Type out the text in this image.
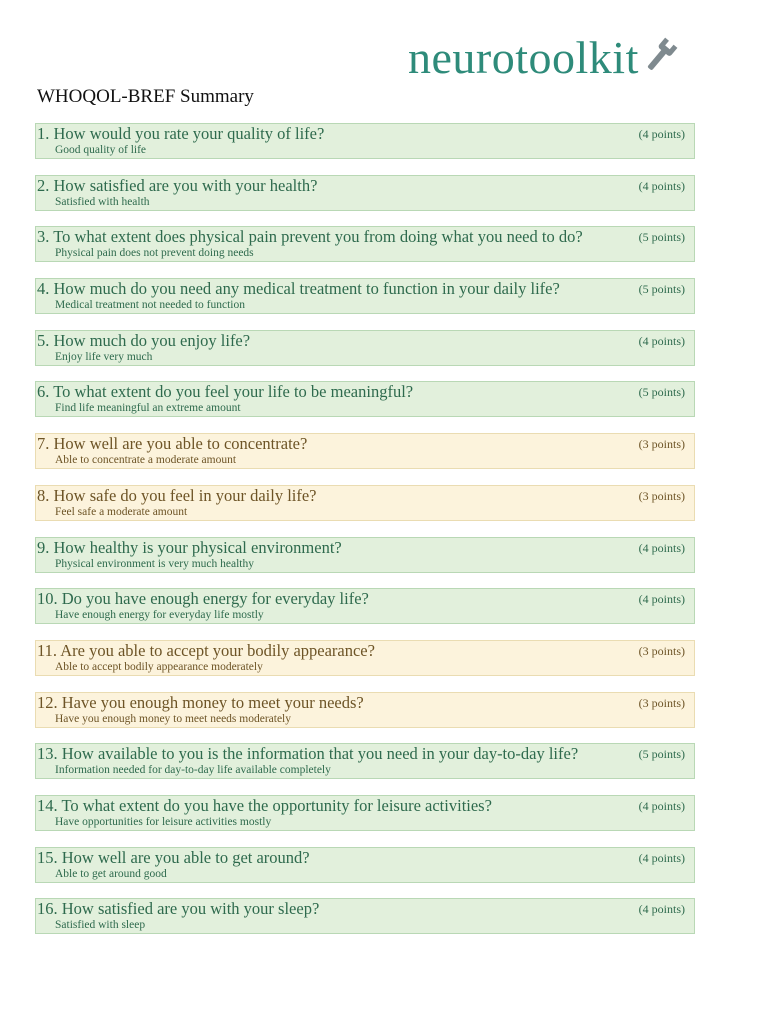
neurotoolkit
WHOQOL-BREF Summary
1. How would you rate your quality of life?	(4 points)
Good quality of life
2. How satisfied are you with your health?	(4 points)
Satisfied with health
3. To what extent does physical pain prevent you from doing what you need to do?	(5 points)
Physical pain does not prevent doing needs
4. How much do you need any medical treatment to function in your daily life?	(5 points)
Medical treatment not needed to function
5. How much do you enjoy life?	(4 points)
Enjoy life very much
6. To what extent do you feel your life to be meaningful?	(5 points)
Find life meaningful an extreme amount
7. How well are you able to concentrate?	(3 points)
Able to concentrate a moderate amount
8. How safe do you feel in your daily life?	(3 points)
Feel safe a moderate amount
9. How healthy is your physical environment?	(4 points)
Physical environment is very much healthy
10. Do you have enough energy for everyday life?	(4 points)
Have enough energy for everyday life mostly
11. Are you able to accept your bodily appearance?	(3 points)
Able to accept bodily appearance moderately
12. Have you enough money to meet your needs?	(3 points)
Have you enough money to meet needs moderately
13. How available to you is the information that you need in your day-to-day life?	(5 points)
Information needed for day-to-day life available completely
14. To what extent do you have the opportunity for leisure activities?	(4 points)
Have opportunities for leisure activities mostly
15. How well are you able to get around?	(4 points)
Able to get around good
16. How satisfied are you with your sleep?	(4 points)
Satisfied with sleep
